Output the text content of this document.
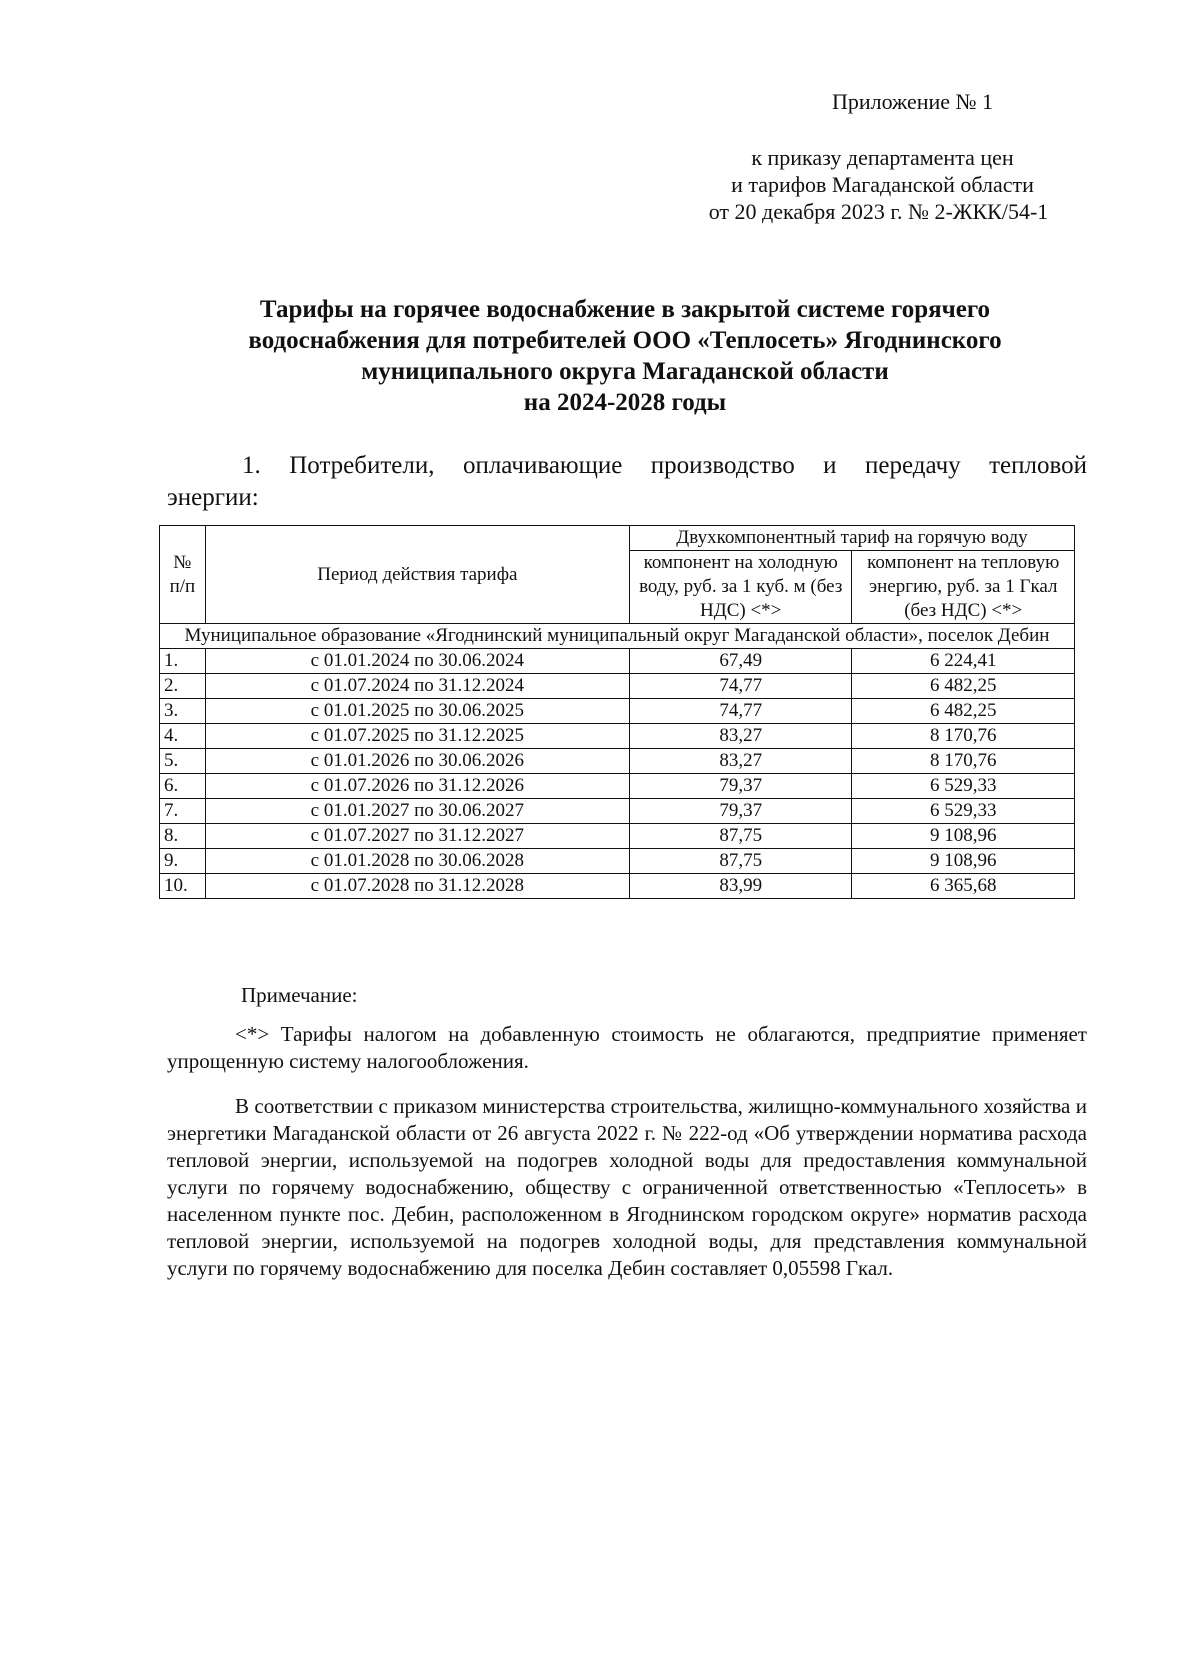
Приложение № 1
к приказу департамента цен
и тарифов Магаданской области
от 20 декабря 2023 г. № 2-ЖКК/54-1
Тарифы на горячее водоснабжение в закрытой системе горячего
водоснабжения для потребителей ООО «Теплосеть» Ягоднинского
муниципального округа Магаданской области
на 2024-2028 годы
1. Потребители, оплачивающие производство и передачу тепловой
энергии:
№ п/п	Период действия тарифа	Двухкомпонентный тариф на горячую воду	
		компонент на холодную воду, руб. за 1 куб. м (без НДС) <*>	компонент на тепловую энергию, руб. за 1 Гкал (без НДС) <*>
Муниципальное образование «Ягоднинский муниципальный округ Магаданской области», поселок Дебин			
1.	с 01.01.2024 по 30.06.2024	67,49	6 224,41
2.	с 01.07.2024 по 31.12.2024	74,77	6 482,25
3.	с 01.01.2025 по 30.06.2025	74,77	6 482,25
4.	с 01.07.2025 по 31.12.2025	83,27	8 170,76
5.	с 01.01.2026 по 30.06.2026	83,27	8 170,76
6.	с 01.07.2026 по 31.12.2026	79,37	6 529,33
7.	с 01.01.2027 по 30.06.2027	79,37	6 529,33
8.	с 01.07.2027 по 31.12.2027	87,75	9 108,96
9.	с 01.01.2028 по 30.06.2028	87,75	9 108,96
10.	с 01.07.2028 по 31.12.2028	83,99	6 365,68

Примечание:

<*> Тарифы налогом на добавленную стоимость не облагаются, предприятие применяет упрощенную систему налогообложения.

В соответствии с приказом министерства строительства, жилищно-коммунального хозяйства и энергетики Магаданской области от 26 августа 2022 г. № 222-од «Об утверждении норматива расхода тепловой энергии, используемой на подогрев холодной воды для предоставления коммунальной услуги по горячему водоснабжению, обществу с ограниченной ответственностью «Теплосеть» в населенном пункте пос. Дебин, расположенном в Ягоднинском городском округе» норматив расхода тепловой энергии, используемой на подогрев холодной воды, для представления коммунальной услуги по горячему водоснабжению для поселка Дебин составляет 0,05598 Гкал.
